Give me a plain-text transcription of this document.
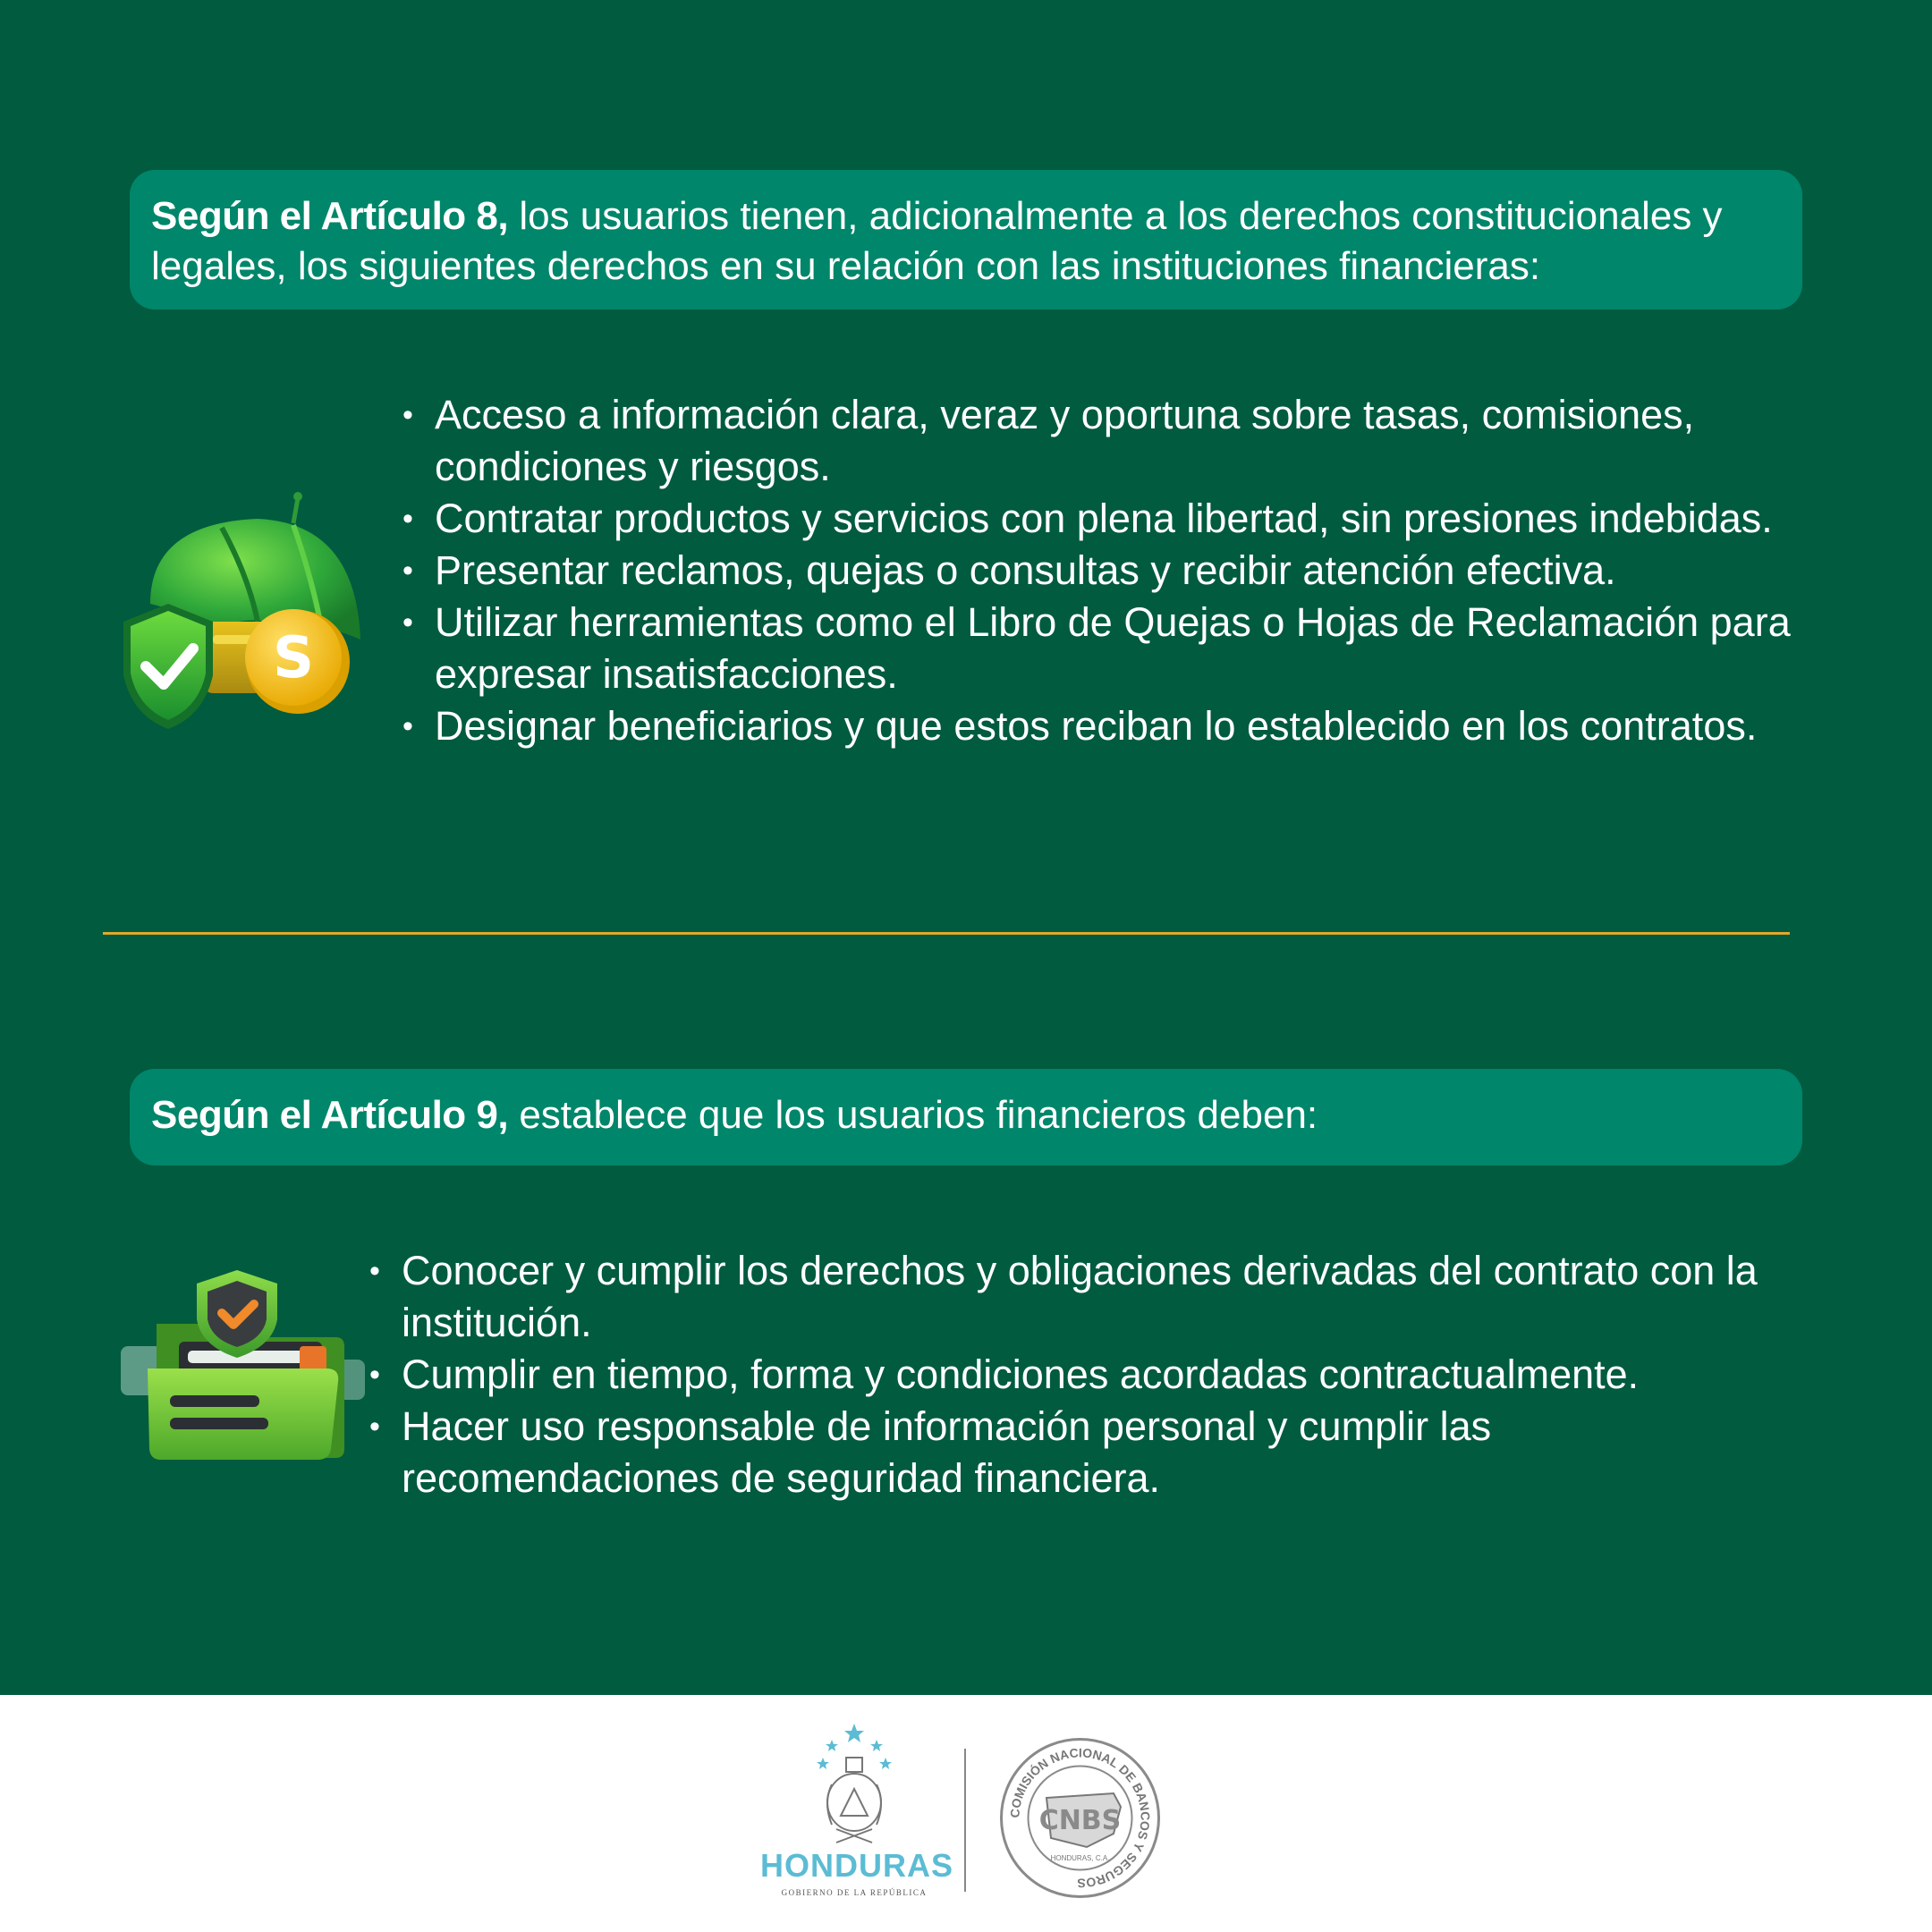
Según el Artículo 8, los usuarios tienen, adicionalmente a los derechos constitucionales y legales, los siguientes derechos en su relación con las instituciones financieras:
S
• Acceso a información clara, veraz y oportuna sobre tasas, comisiones, condiciones y riesgos.
• Contratar productos y servicios con plena libertad, sin presiones indebidas.
• Presentar reclamos, quejas o consultas y recibir atención efectiva.
• Utilizar herramientas como el Libro de Quejas o Hojas de Reclamación para expresar insatisfacciones.
• Designar beneficiarios y que estos reciban lo establecido en los contratos.
Según el Artículo 9, establece que los usuarios financieros deben:
• Conocer y cumplir los derechos y obligaciones derivadas del contrato con la institución.
• Cumplir en tiempo, forma y condiciones acordadas contractualmente.
• Hacer uso responsable de información personal y cumplir las recomendaciones de seguridad financiera.
HONDURAS
GOBIERNO DE LA REPÚBLICA
COMISIÓN NACIONAL DE BANCOS Y SEGUROS
CNBS
HONDURAS, C.A.
